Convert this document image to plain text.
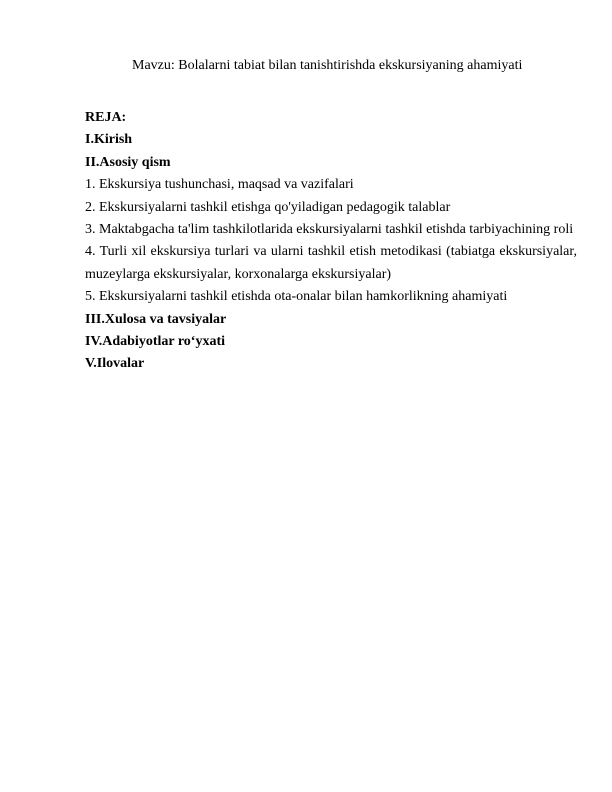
Mavzu: Bolalarni tabiat bilan tanishtirishda ekskursiyaning ahamiyati
REJA:
I.Kirish
II.Asosiy qism
1. Ekskursiya tushunchasi, maqsad va vazifalari
2. Ekskursiyalarni tashkil etishga qo'yiladigan pedagogik talablar
3. Maktabgacha ta'lim tashkilotlarida ekskursiyalarni tashkil etishda tarbiyachining roli
4. Turli xil ekskursiya turlari va ularni tashkil etish metodikasi (tabiatga ekskursiyalar, muzeylarga ekskursiyalar, korxonalarga ekskursiyalar)
5. Ekskursiyalarni tashkil etishda ota-onalar bilan hamkorlikning ahamiyati
III.Xulosa va tavsiyalar
IV.Adabiyotlar ro‘yxati
V.Ilovalar
